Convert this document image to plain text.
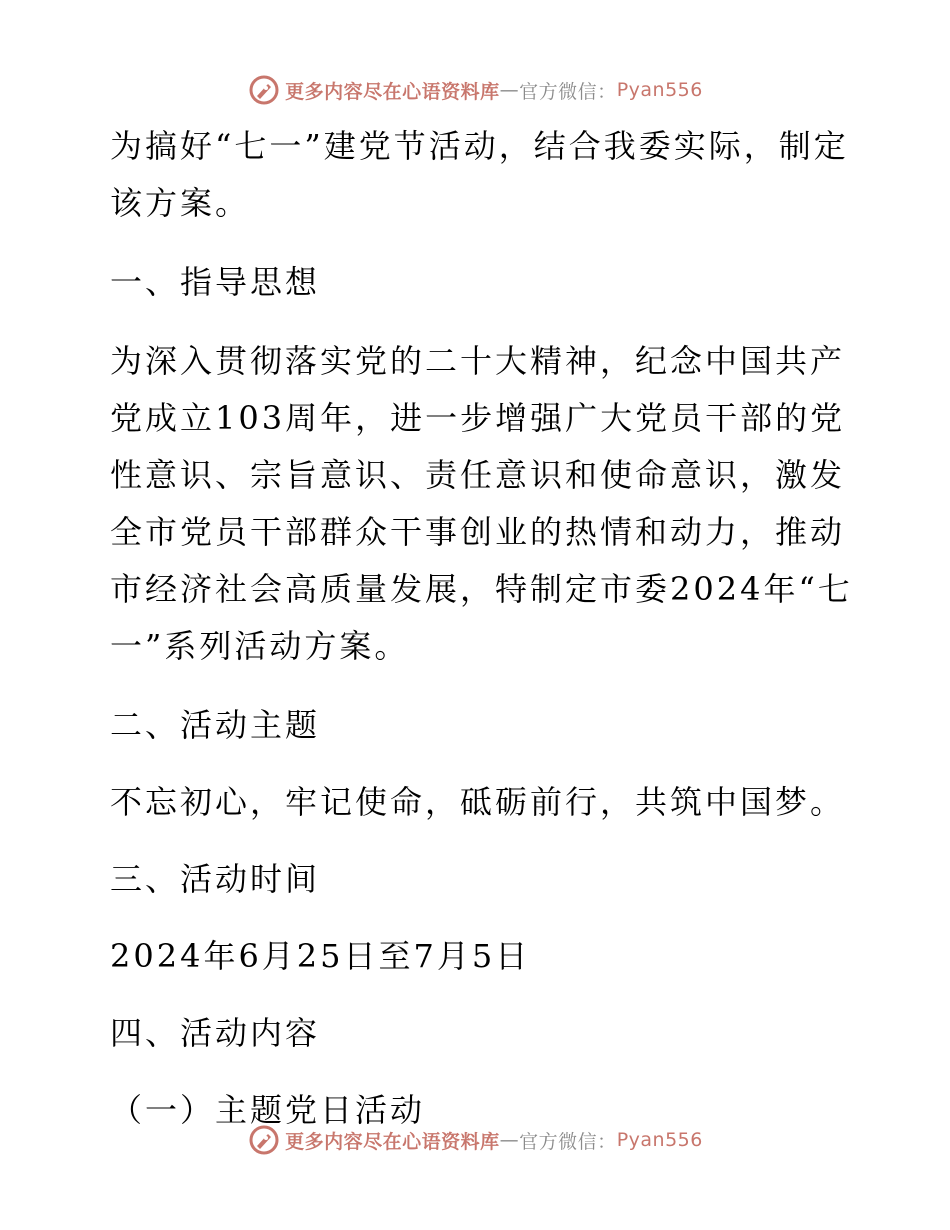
更多内容尽在心语资料库 — 官方微信： Pyan556

为搞好“七一”建党节活动，结合我委实际，制定该方案。

一、指导思想

为深入贯彻落实党的二十大精神，纪念中国共产党成立103周年，进一步增强广大党员干部的党性意识、宗旨意识、责任意识和使命意识，激发全市党员干部群众干事创业的热情和动力，推动市经济社会高质量发展，特制定市委2024年“七一”系列活动方案。

二、活动主题

不忘初心，牢记使命，砥砺前行，共筑中国梦。

三、活动时间

2024年6月25日至7月5日

四、活动内容

（一）主题党日活动

更多内容尽在心语资料库 — 官方微信： Pyan556
